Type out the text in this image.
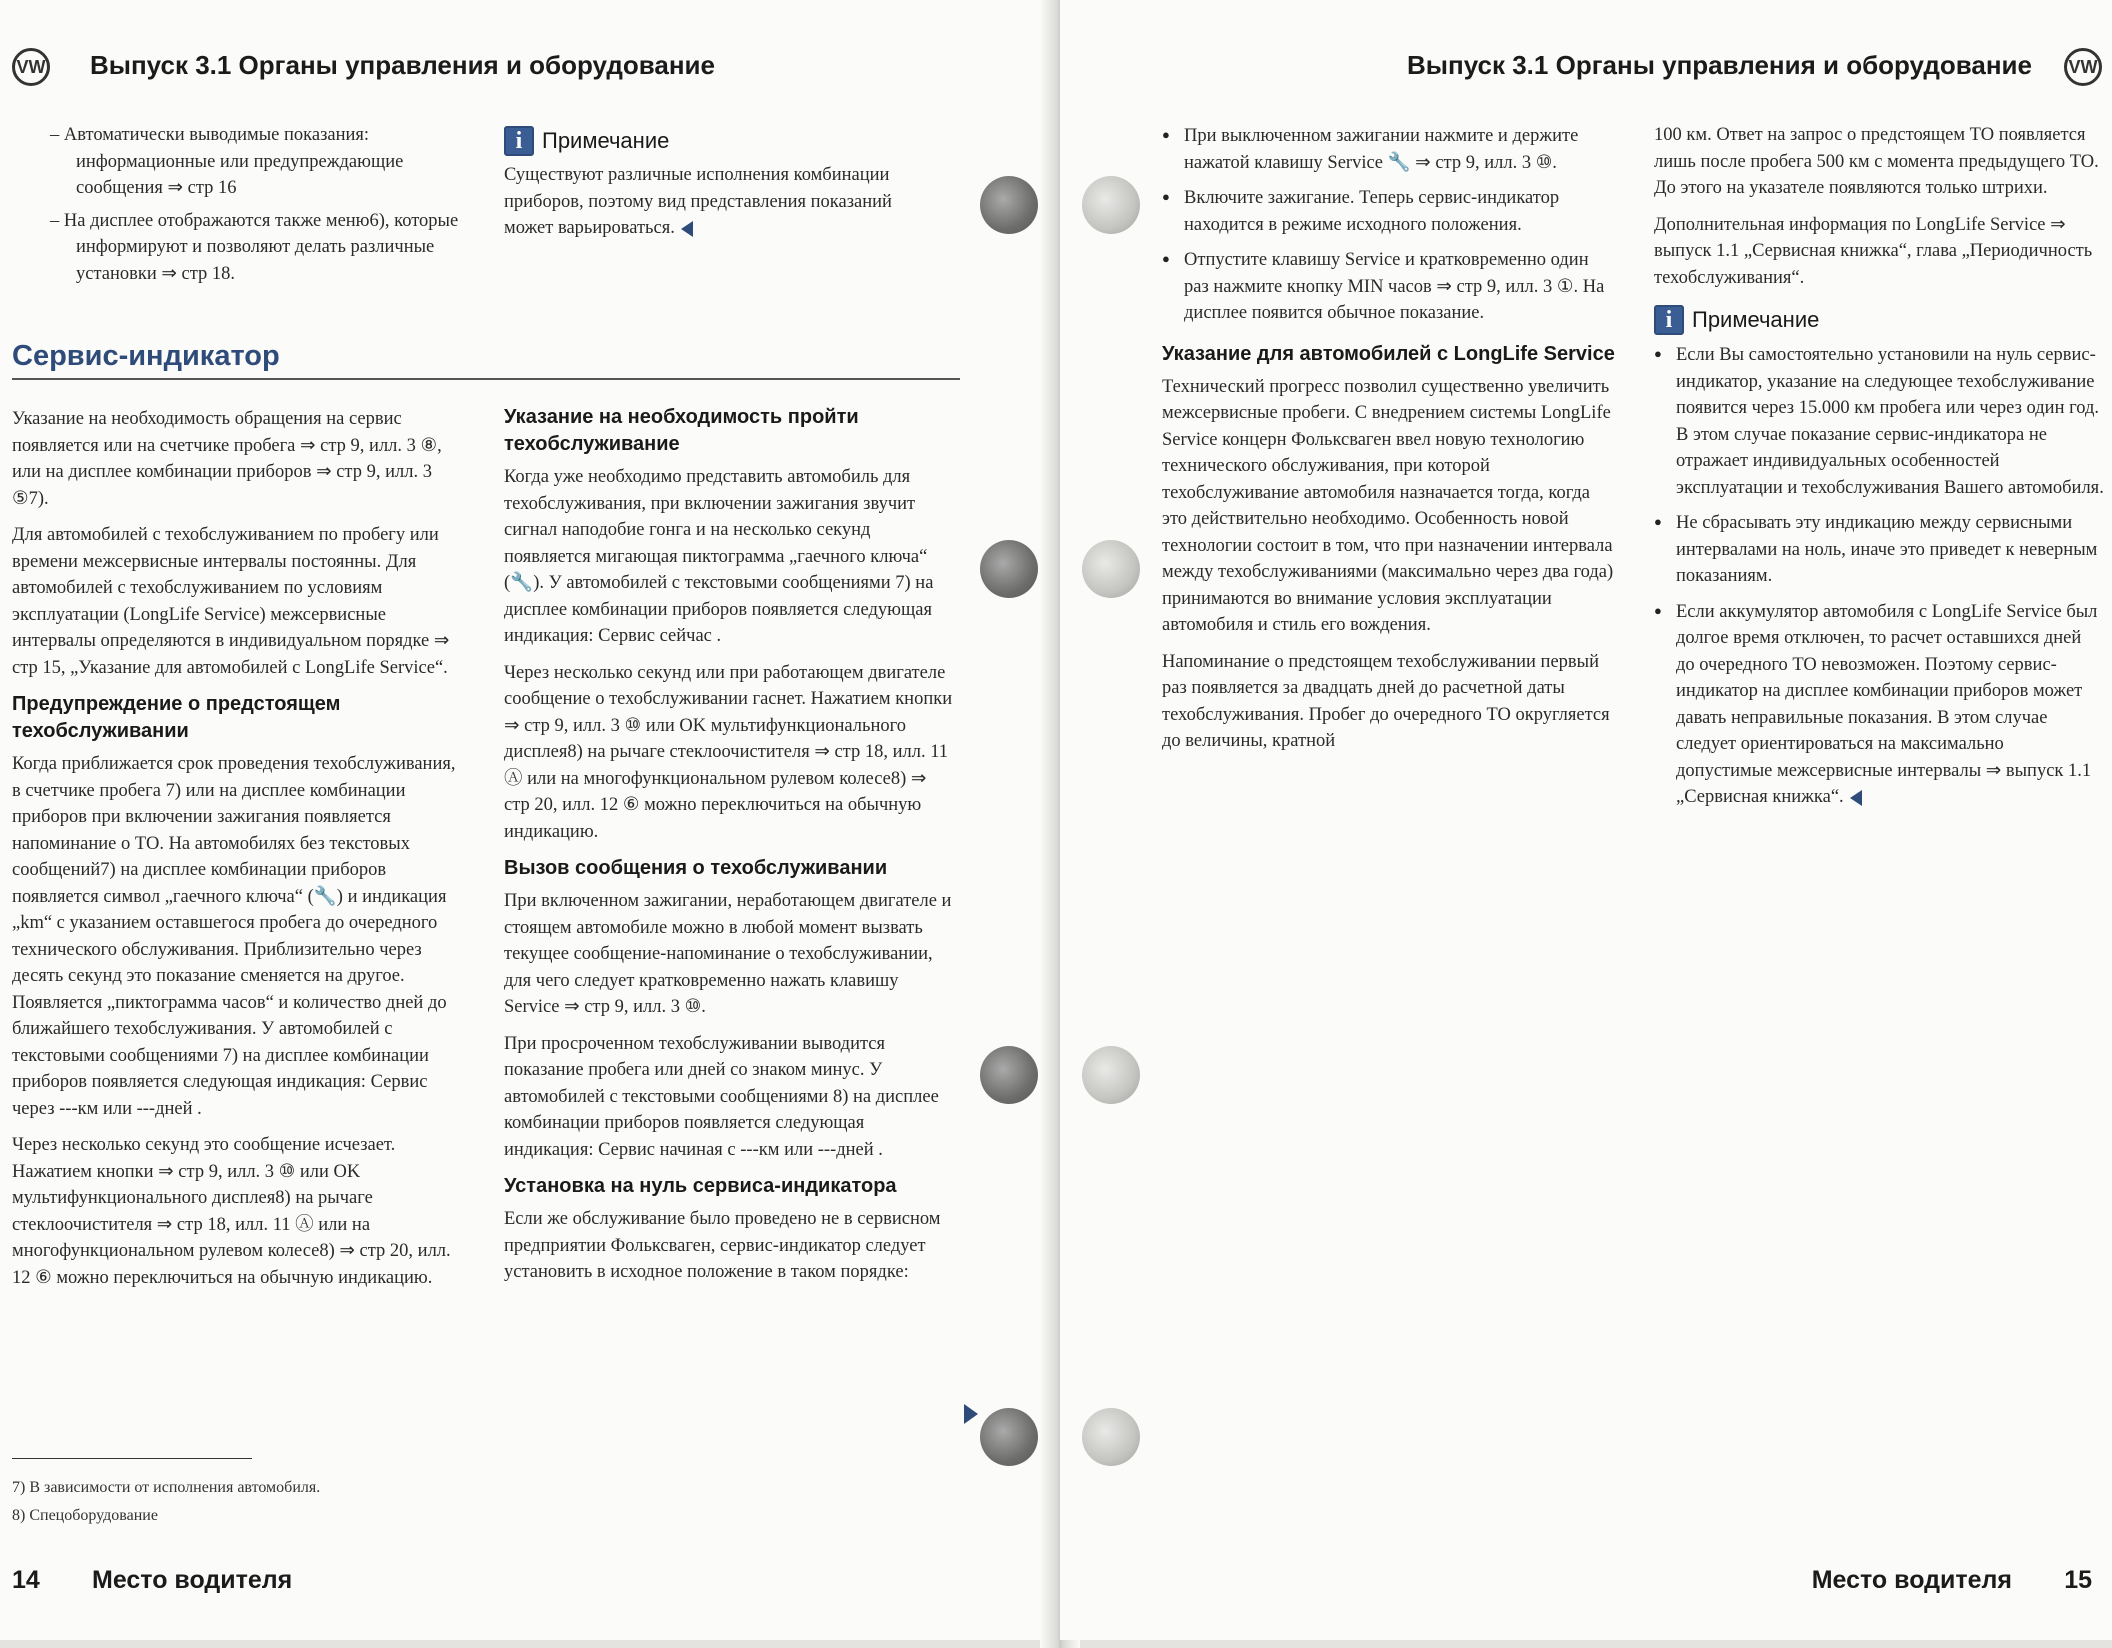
VW Выпуск 3.1 Органы управления и оборудование
– Автоматически выводимые показания: информационные или предупреждающие сообщения ⇒ стр 16
– На дисплее отображаются также меню6), которые информируют и позволяют делать различные установки ⇒ стр 18.
i Примечание
Существуют различные исполнения комбинации приборов, поэтому вид представления показаний может варьироваться.
Сервис-индикатор

Указание на необходимость обращения на сервис появляется или на счетчике пробега ⇒ стр 9, илл. 3 ⑧, или на дисплее комбинации приборов ⇒ стр 9, илл. 3 ⑤7).

Для автомобилей с техобслуживанием по пробегу или времени межсервисные интервалы постоянны. Для автомобилей с техобслуживанием по условиям эксплуатации (LongLife Service) межсервисные интервалы определяются в индивидуальном порядке ⇒ стр 15, „Указание для автомобилей с LongLife Service“.

Предупреждение о предстоящем техобслуживании

Когда приближается срок проведения техобслуживания, в счетчике пробега 7) или на дисплее комбинации приборов при включении зажигания появляется напоминание о ТО. На автомобилях без текстовых сообщений7) на дисплее комбинации приборов появляется символ „гаечного ключа“ (🔧) и индикация „km“ с указанием оставшегося пробега до очередного технического обслуживания. Приблизительно через десять секунд это показание сменяется на другое. Появляется „пиктограмма часов“ и количество дней до ближайшего техобслуживания. У автомобилей с текстовыми сообщениями 7) на дисплее комбинации приборов появляется следующая индикация: Сервис через ---км или ---дней .

Через несколько секунд это сообщение исчезает. Нажатием кнопки ⇒ стр 9, илл. 3 ⑩ или OK мультифункционального дисплея8) на рычаге стеклоочистителя ⇒ стр 18, илл. 11 Ⓐ или на многофункциональном рулевом колесе8) ⇒ стр 20, илл. 12 ⑥ можно переключиться на обычную индикацию.

Указание на необходимость пройти техобслуживание

Когда уже необходимо представить автомобиль для техобслуживания, при включении зажигания звучит сигнал наподобие гонга и на несколько секунд появляется мигающая пиктограмма „гаечного ключа“ (🔧). У автомобилей с текстовыми сообщениями 7) на дисплее комбинации приборов появляется следующая индикация: Сервис сейчас .

Через несколько секунд или при работающем двигателе сообщение о техобслуживании гаснет. Нажатием кнопки ⇒ стр 9, илл. 3 ⑩ или OK мультифункционального дисплея8) на рычаге стеклоочистителя ⇒ стр 18, илл. 11 Ⓐ или на многофункциональном рулевом колесе8) ⇒ стр 20, илл. 12 ⑥ можно переключиться на обычную индикацию.

Вызов сообщения о техобслуживании

При включенном зажигании, неработающем двигателе и стоящем автомобиле можно в любой момент вызвать текущее сообщение-напоминание о техобслуживании, для чего следует кратковременно нажать клавишу Service ⇒ стр 9, илл. 3 ⑩.

При просроченном техобслуживании выводится показание пробега или дней со знаком минус. У автомобилей с текстовыми сообщениями 8) на дисплее комбинации приборов появляется следующая индикация: Сервис начиная с ---км или ---дней .

Установка на нуль сервиса-индикатора

Если же обслуживание было проведено не в сервисном предприятии Фольксваген, сервис-индикатор следует установить в исходное положение в таком порядке:

7) В зависимости от исполнения автомобиля.
8) Спецоборудование
14 Место водителя
Выпуск 3.1 Органы управления и оборудование VW
● При выключенном зажигании нажмите и держите нажатой клавишу Service 🔧 ⇒ стр 9, илл. 3 ⑩.
● Включите зажигание. Теперь сервис-индикатор находится в режиме исходного положения.
● Отпустите клавишу Service и кратковременно один раз нажмите кнопку MIN часов ⇒ стр 9, илл. 3 ①. На дисплее появится обычное показание.
Указание для автомобилей с LongLife Service

Технический прогресс позволил существенно увеличить межсервисные пробеги. С внедрением системы LongLife Service концерн Фольксваген ввел новую технологию технического обслуживания, при которой техобслуживание автомобиля назначается тогда, когда это действительно необходимо. Особенность новой технологии состоит в том, что при назначении интервала между техобслуживаниями (максимально через два года) принимаются во внимание условия эксплуатации автомобиля и стиль его вождения.

Напоминание о предстоящем техобслуживании первый раз появляется за двадцать дней до расчетной даты техобслуживания. Пробег до очередного ТО округляется до величины, кратной

100 км. Ответ на запрос о предстоящем ТО появляется лишь после пробега 500 км с момента предыдущего ТО. До этого на указателе появляются только штрихи.

Дополнительная информация по LongLife Service ⇒ выпуск 1.1 „Сервисная книжка“, глава „Периодичность техобслуживания“.

i Примечание
● Если Вы самостоятельно установили на нуль сервис-индикатор, указание на следующее техобслуживание появится через 15.000 км пробега или через один год. В этом случае показание сервис-индикатора не отражает индивидуальных особенностей эксплуатации и техобслуживания Вашего автомобиля.
● Не сбрасывать эту индикацию между сервисными интервалами на ноль, иначе это приведет к неверным показаниям.
● Если аккумулятор автомобиля с LongLife Service был долгое время отключен, то расчет оставшихся дней до очередного ТО невозможен. Поэтому сервис-индикатор на дисплее комбинации приборов может давать неправильные показания. В этом случае следует ориентироваться на максимально допустимые межсервисные интервалы ⇒ выпуск 1.1 „Сервисная книжка“.
Место водителя 15
